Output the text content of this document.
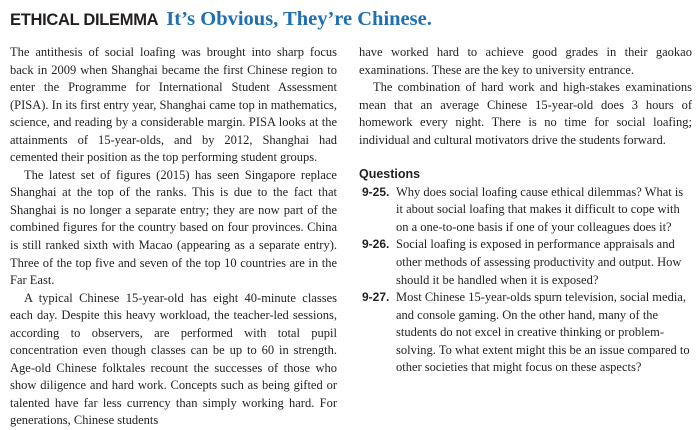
ETHICAL DILEMMA It’s Obvious, They’re Chinese.

The antithesis of social loafing was brought into sharp focus back in 2009 when Shanghai became the first Chinese region to enter the Programme for International Student Assessment (PISA). In its first entry year, Shanghai came top in mathematics, science, and reading by a considerable margin. PISA looks at the attainments of 15-year-olds, and by 2012, Shanghai had cemented their position as the top performing student groups.

The latest set of figures (2015) has seen Singapore replace Shanghai at the top of the ranks. This is due to the fact that Shanghai is no longer a separate entry; they are now part of the combined figures for the country based on four provinces. China is still ranked sixth with Macao (appearing as a separate entry). Three of the top five and seven of the top 10 countries are in the Far East.

A typical Chinese 15-year-old has eight 40-minute classes each day. Despite this heavy workload, the teacher-led sessions, according to observers, are performed with total pupil concentration even though classes can be up to 60 in strength. Age-old Chinese folktales recount the successes of those who show diligence and hard work. Concepts such as being gifted or talented have far less currency than simply working hard. For generations, Chinese students

have worked hard to achieve good grades in their gaokao examinations. These are the key to university entrance.

The combination of hard work and high-stakes examinations mean that an average Chinese 15-year-old does 3 hours of homework every night. There is no time for social loafing; individual and cultural motivators drive the students forward.

Questions

9-25. Why does social loafing cause ethical dilemmas? What is it about social loafing that makes it difficult to cope with on a one-to-one basis if one of your colleagues does it?
9-26. Social loafing is exposed in performance appraisals and other methods of assessing productivity and output. How should it be handled when it is exposed?
9-27. Most Chinese 15-year-olds spurn television, social media, and console gaming. On the other hand, many of the students do not excel in creative thinking or problem-solving. To what extent might this be an issue compared to other societies that might focus on these aspects?
